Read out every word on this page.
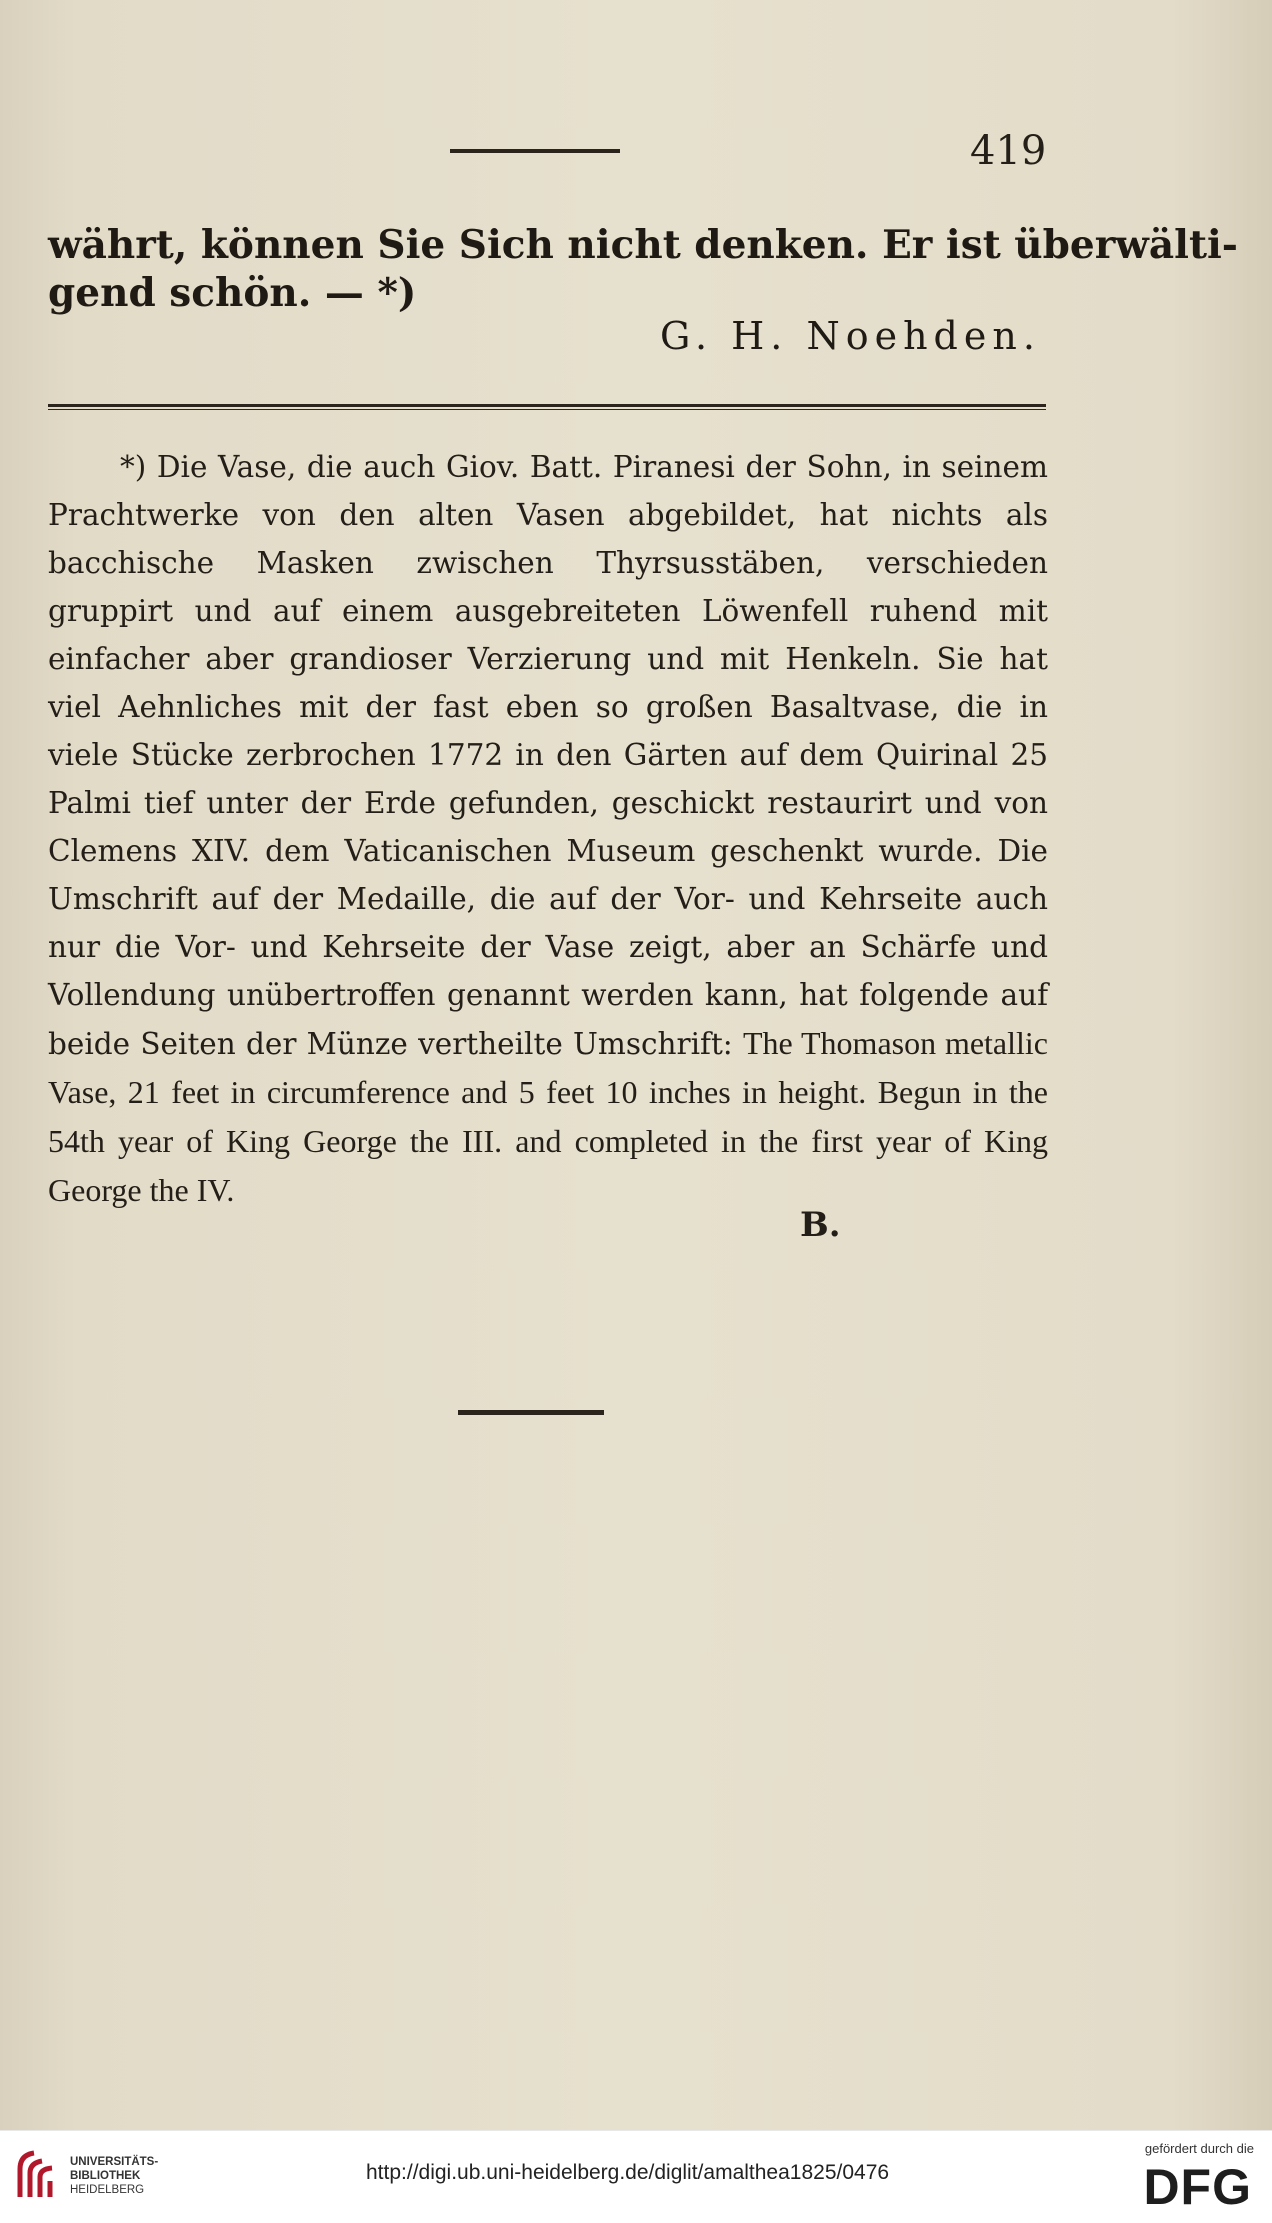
419
währt, können Sie Sich nicht denken. Er ist überwälti-
gend schön. — *)
G. H. Noehden.
*) Die Vase, die auch Giov. Batt. Piranesi der Sohn, in seinem Prachtwerke von den alten Vasen abgebildet, hat nichts als bacchische Masken zwischen Thyrsusstäben, verschieden gruppirt und auf einem ausgebreiteten Löwenfell ruhend mit einfacher aber grandioser Verzierung und mit Henkeln. Sie hat viel Aehnliches mit der fast eben so großen Basaltvase, die in viele Stücke zerbrochen 1772 in den Gärten auf dem Quirinal 25 Palmi tief unter der Erde gefunden, geschickt restaurirt und von Clemens XIV. dem Vaticanischen Museum geschenkt wurde. Die Umschrift auf der Medaille, die auf der Vor- und Kehrseite auch nur die Vor- und Kehrseite der Vase zeigt, aber an Schärfe und Vollendung unübertroffen genannt werden kann, hat folgende auf beide Seiten der Münze vertheilte Umschrift: The Thomason metallic Vase, 21 feet in circumference and 5 feet 10 inches in height. Begun in the 54th year of King George the III. and completed in the first year of King George the IV.
B.
UNIVERSITÄTS-
BIBLIOTHEK
HEIDELBERG
http://digi.ub.uni-heidelberg.de/diglit/amalthea1825/0476
gefördert durch die
DFG
